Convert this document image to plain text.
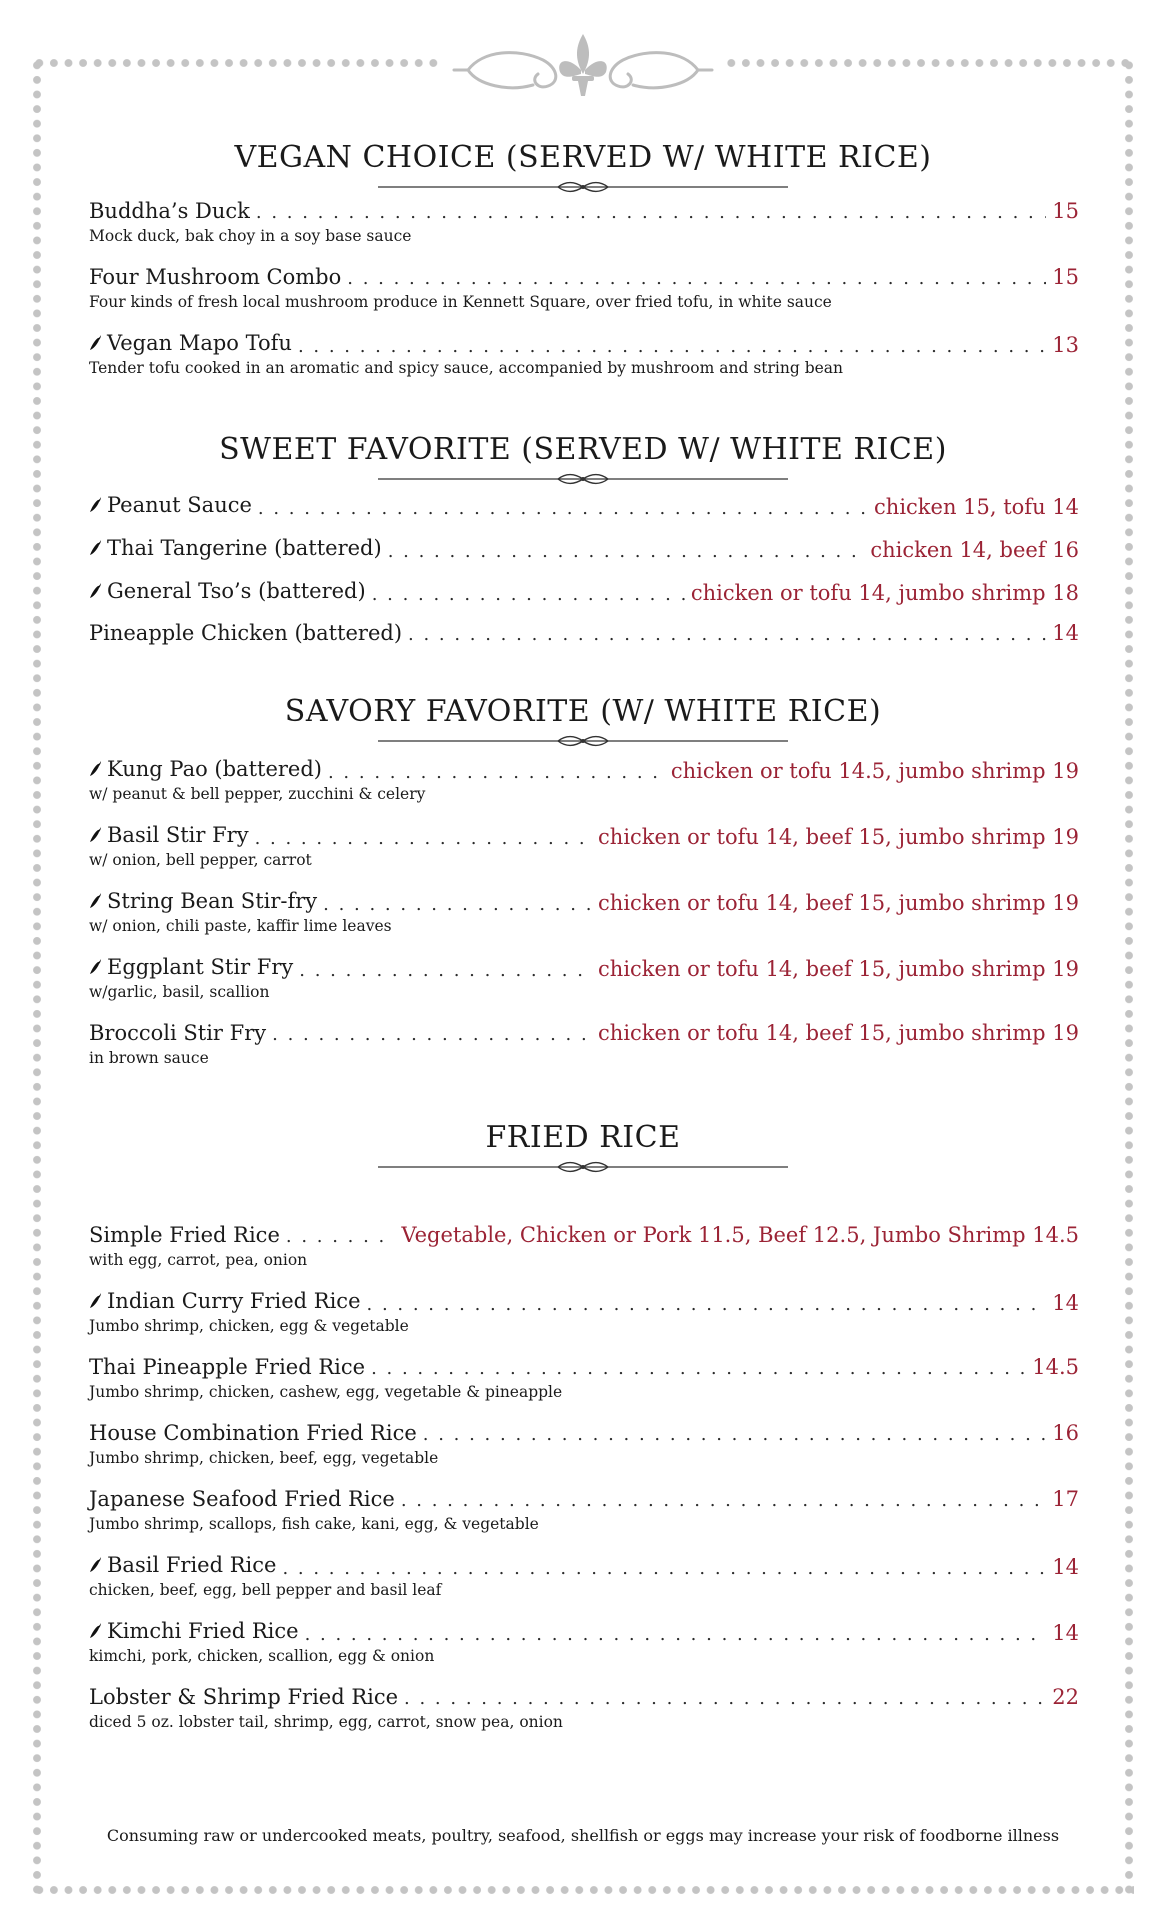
VEGAN CHOICE (SERVED W/ WHITE RICE)
Buddha’s Duck . . .	15
Mock duck, bak choy in a soy base sauce
Four Mushroom Combo . . .	15
Four kinds of fresh local mushroom produce in Kennett Square, over fried tofu, in white sauce
Vegan Mapo Tofu . . .	13
Tender tofu cooked in an aromatic and spicy sauce, accompanied by mushroom and string bean
SWEET FAVORITE (SERVED W/ WHITE RICE)
Peanut Sauce . . .	chicken 15, tofu 14
Thai Tangerine (battered) . . .	chicken 14, beef 16
General Tso’s (battered) . . .	chicken or tofu 14, jumbo shrimp 18
Pineapple Chicken (battered) . . .	14
SAVORY FAVORITE (W/ WHITE RICE)
Kung Pao (battered) . . .	chicken or tofu 14.5, jumbo shrimp 19
w/ peanut & bell pepper, zucchini & celery
Basil Stir Fry . . .	chicken or tofu 14, beef 15, jumbo shrimp 19
w/ onion, bell pepper, carrot
String Bean Stir-fry . . .	chicken or tofu 14, beef 15, jumbo shrimp 19
w/ onion, chili paste, kaffir lime leaves
Eggplant Stir Fry . . .	chicken or tofu 14, beef 15, jumbo shrimp 19
w/garlic, basil, scallion
Broccoli Stir Fry . . .	chicken or tofu 14, beef 15, jumbo shrimp 19
in brown sauce
FRIED RICE
Simple Fried Rice . . .	Vegetable, Chicken or Pork 11.5, Beef 12.5, Jumbo Shrimp 14.5
with egg, carrot, pea, onion
Indian Curry Fried Rice . . .	14
Jumbo shrimp, chicken, egg & vegetable
Thai Pineapple Fried Rice . . .	14.5
Jumbo shrimp, chicken, cashew, egg, vegetable & pineapple
House Combination Fried Rice . . .	16
Jumbo shrimp, chicken, beef, egg, vegetable
Japanese Seafood Fried Rice . . .	17
Jumbo shrimp, scallops, fish cake, kani, egg, & vegetable
Basil Fried Rice . . .	14
chicken, beef, egg, bell pepper and basil leaf
Kimchi Fried Rice . . .	14
kimchi, pork, chicken, scallion, egg & onion
Lobster & Shrimp Fried Rice . . .	22
diced 5 oz. lobster tail, shrimp, egg, carrot, snow pea, onion
Consuming raw or undercooked meats, poultry, seafood, shellfish or eggs may increase your risk of foodborne illness
